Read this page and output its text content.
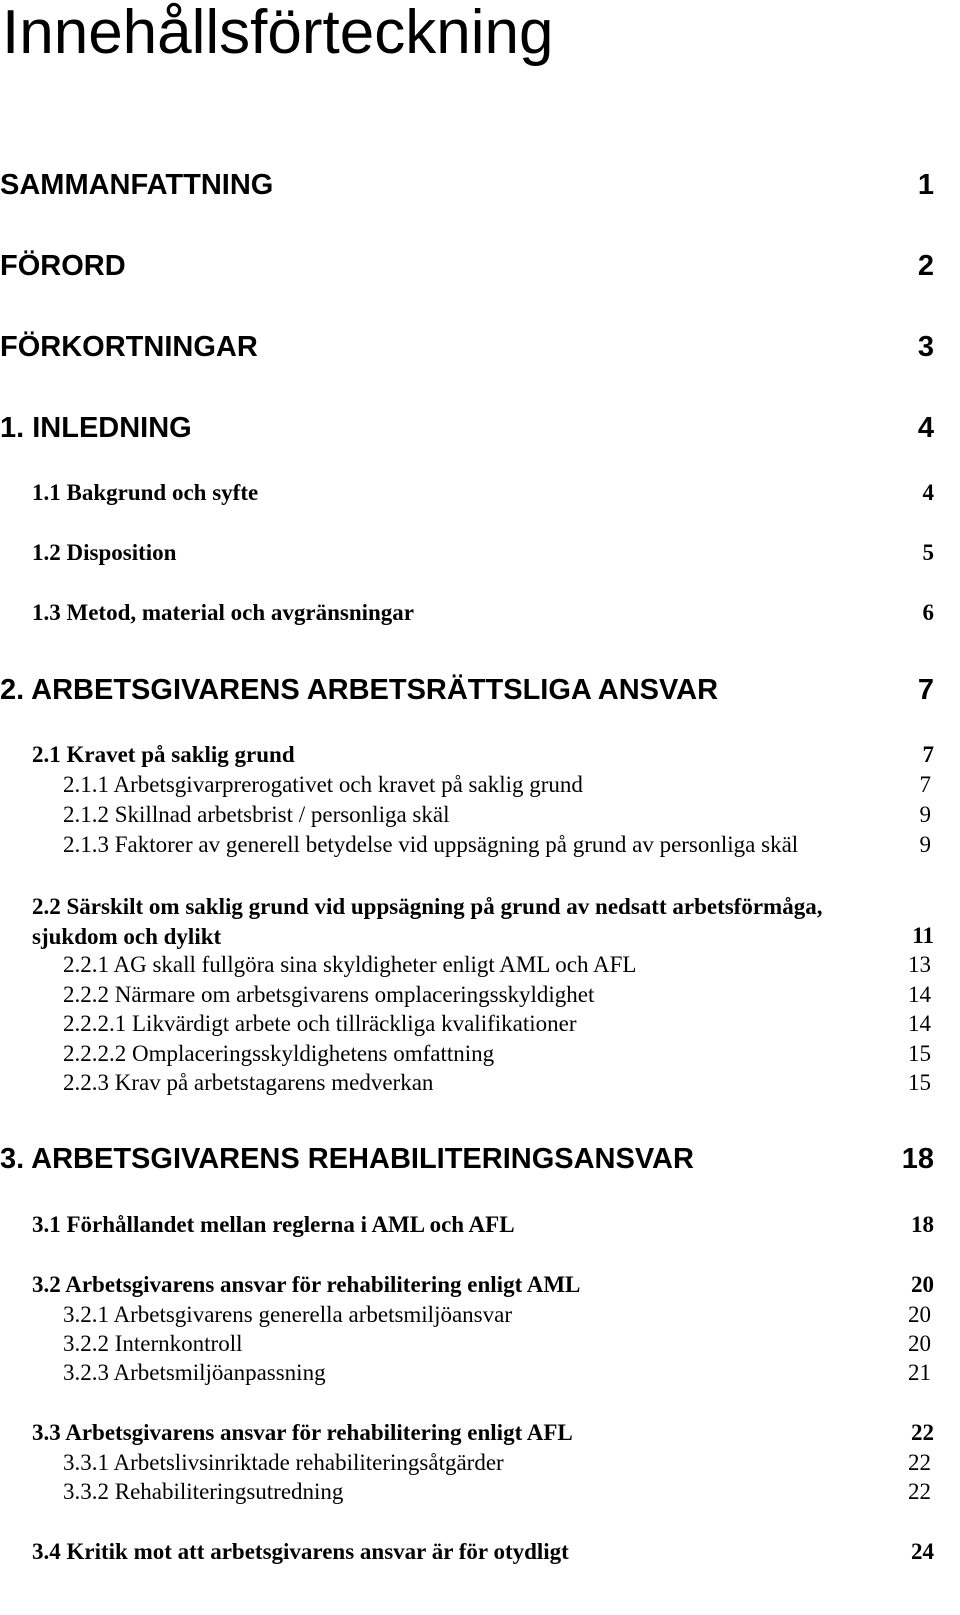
Innehållsförteckning
SAMMANFATTNING	1
FÖRORD	2
FÖRKORTNINGAR	3
1. INLEDNING	4
1.1 Bakgrund och syfte	4
1.2 Disposition	5
1.3 Metod, material och avgränsningar	6
2. ARBETSGIVARENS ARBETSRÄTTSLIGA ANSVAR	7
2.1 Kravet på saklig grund	7
2.1.1 Arbetsgivarprerogativet och kravet på saklig grund	7
2.1.2 Skillnad arbetsbrist / personliga skäl	9
2.1.3 Faktorer av generell betydelse vid uppsägning på grund av personliga skäl	9
2.2 Särskilt om saklig grund vid uppsägning på grund av nedsatt arbetsförmåga,
sjukdom och dylikt	11
2.2.1 AG skall fullgöra sina skyldigheter enligt AML och AFL	13
2.2.2 Närmare om arbetsgivarens omplaceringsskyldighet	14
2.2.2.1 Likvärdigt arbete och tillräckliga kvalifikationer	14
2.2.2.2 Omplaceringsskyldighetens omfattning	15
2.2.3 Krav på arbetstagarens medverkan	15
3. ARBETSGIVARENS REHABILITERINGSANSVAR	18
3.1 Förhållandet mellan reglerna i AML och AFL	18
3.2 Arbetsgivarens ansvar för rehabilitering enligt AML	20
3.2.1 Arbetsgivarens generella arbetsmiljöansvar	20
3.2.2 Internkontroll	20
3.2.3 Arbetsmiljöanpassning	21
3.3 Arbetsgivarens ansvar för rehabilitering enligt AFL	22
3.3.1 Arbetslivsinriktade rehabiliteringsåtgärder	22
3.3.2 Rehabiliteringsutredning	22
3.4 Kritik mot att arbetsgivarens ansvar är för otydligt	24
